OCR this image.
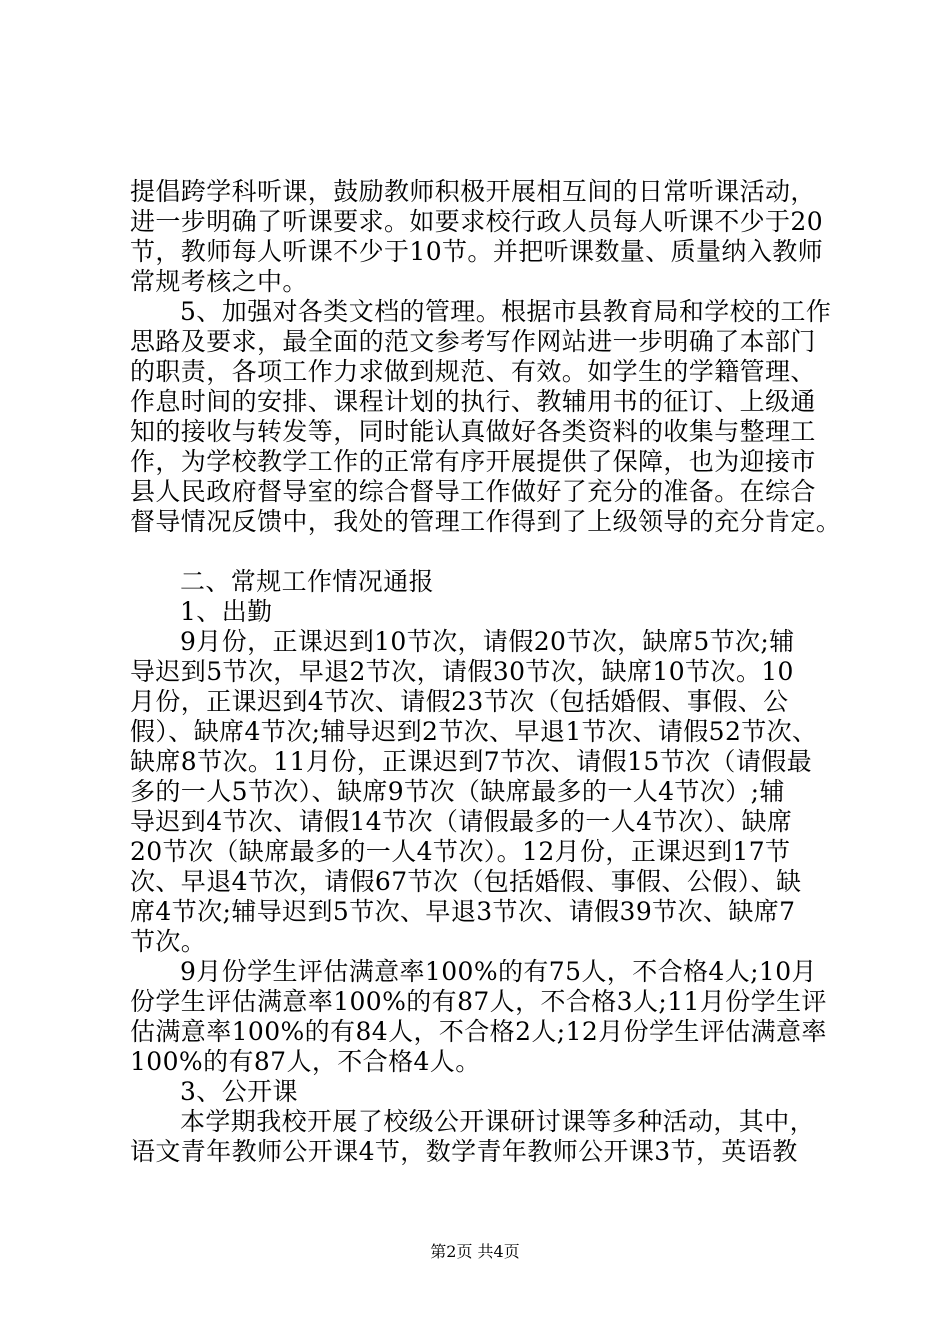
提倡跨学科听课，鼓励教师积极开展相互间的日常听课活动，
进一步明确了听课要求。如要求校行政人员每人听课不少于20
节，教师每人听课不少于10节。并把听课数量、质量纳入教师
常规考核之中。
5、加强对各类文档的管理。根据市县教育局和学校的工作
思路及要求，最全面的范文参考写作网站进一步明确了本部门
的职责，各项工作力求做到规范、有效。如学生的学籍管理、
作息时间的安排、课程计划的执行、教辅用书的征订、上级通
知的接收与转发等，同时能认真做好各类资料的收集与整理工
作，为学校教学工作的正常有序开展提供了保障，也为迎接市
县人民政府督导室的综合督导工作做好了充分的准备。在综合
督导情况反馈中，我处的管理工作得到了上级领导的充分肯定。
二、常规工作情况通报
1、出勤
9月份，正课迟到10节次，请假20节次，缺席5节次;辅
导迟到5节次，早退2节次，请假30节次，缺席10节次。10
月份，正课迟到4节次、请假23节次（包括婚假、事假、公
假）、缺席4节次;辅导迟到2节次、早退1节次、请假52节次、
缺席8节次。11月份，正课迟到7节次、请假15节次（请假最
多的一人5节次）、缺席9节次（缺席最多的一人4节次）;辅
导迟到4节次、请假14节次（请假最多的一人4节次）、缺席
20节次（缺席最多的一人4节次）。12月份，正课迟到17节
次、早退4节次，请假67节次（包括婚假、事假、公假）、缺
席4节次;辅导迟到5节次、早退3节次、请假39节次、缺席7
节次。
9月份学生评估满意率100%的有75人，不合格4人;10月
份学生评估满意率100%的有87人，不合格3人;11月份学生评
估满意率100%的有84人，不合格2人;12月份学生评估满意率
100%的有87人，不合格4人。
3、公开课
本学期我校开展了校级公开课研讨课等多种活动，其中，
语文青年教师公开课4节，数学青年教师公开课3节，英语教
第2页 共4页
